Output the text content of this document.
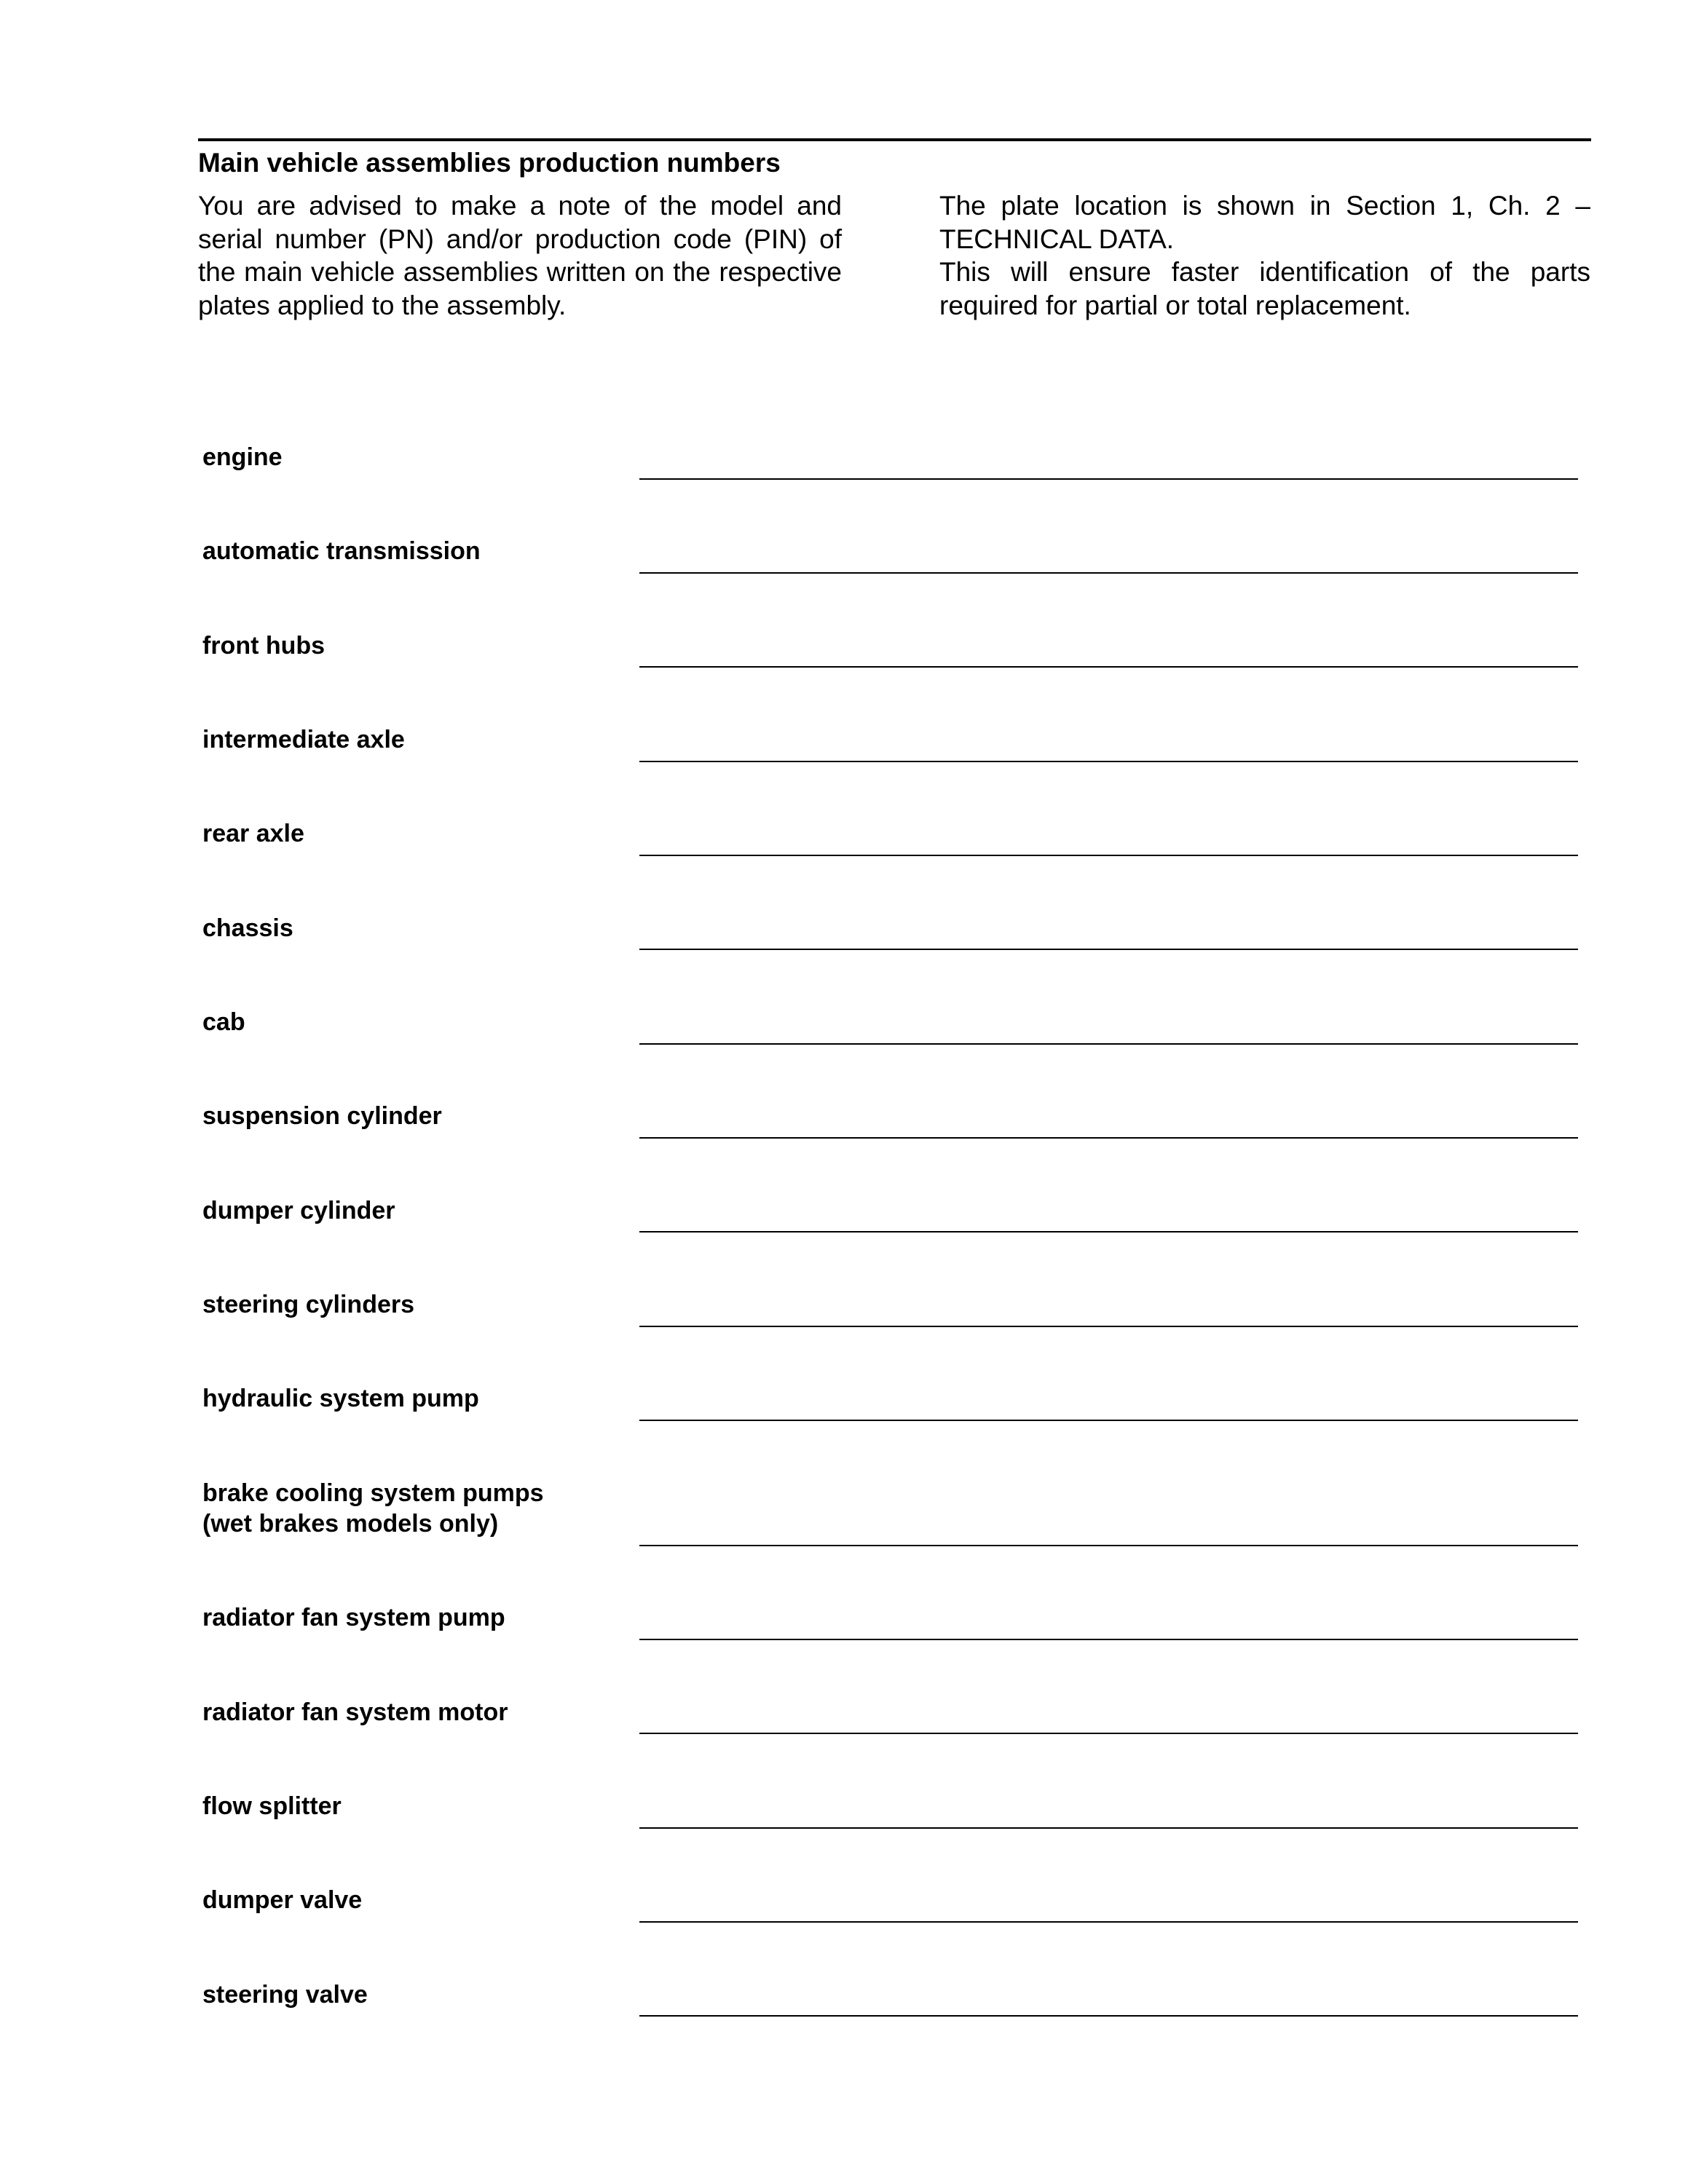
Main vehicle assemblies production numbers

You are advised to make a note of the model and serial number (PN) and/or production code (PIN) of the main vehicle assemblies written on the respective plates applied to the assembly.

The plate location is shown in Section 1, Ch. 2 – TECHNICAL DATA.

This will ensure faster identification of the parts required for partial or total replacement.

engine
automatic transmission
front hubs
intermediate axle
rear axle
chassis
cab
suspension cylinder
dumper cylinder
steering cylinders
hydraulic system pump
brake cooling system pumps
(wet brakes models only)
radiator fan system pump
radiator fan system motor
flow splitter
dumper valve
steering valve
